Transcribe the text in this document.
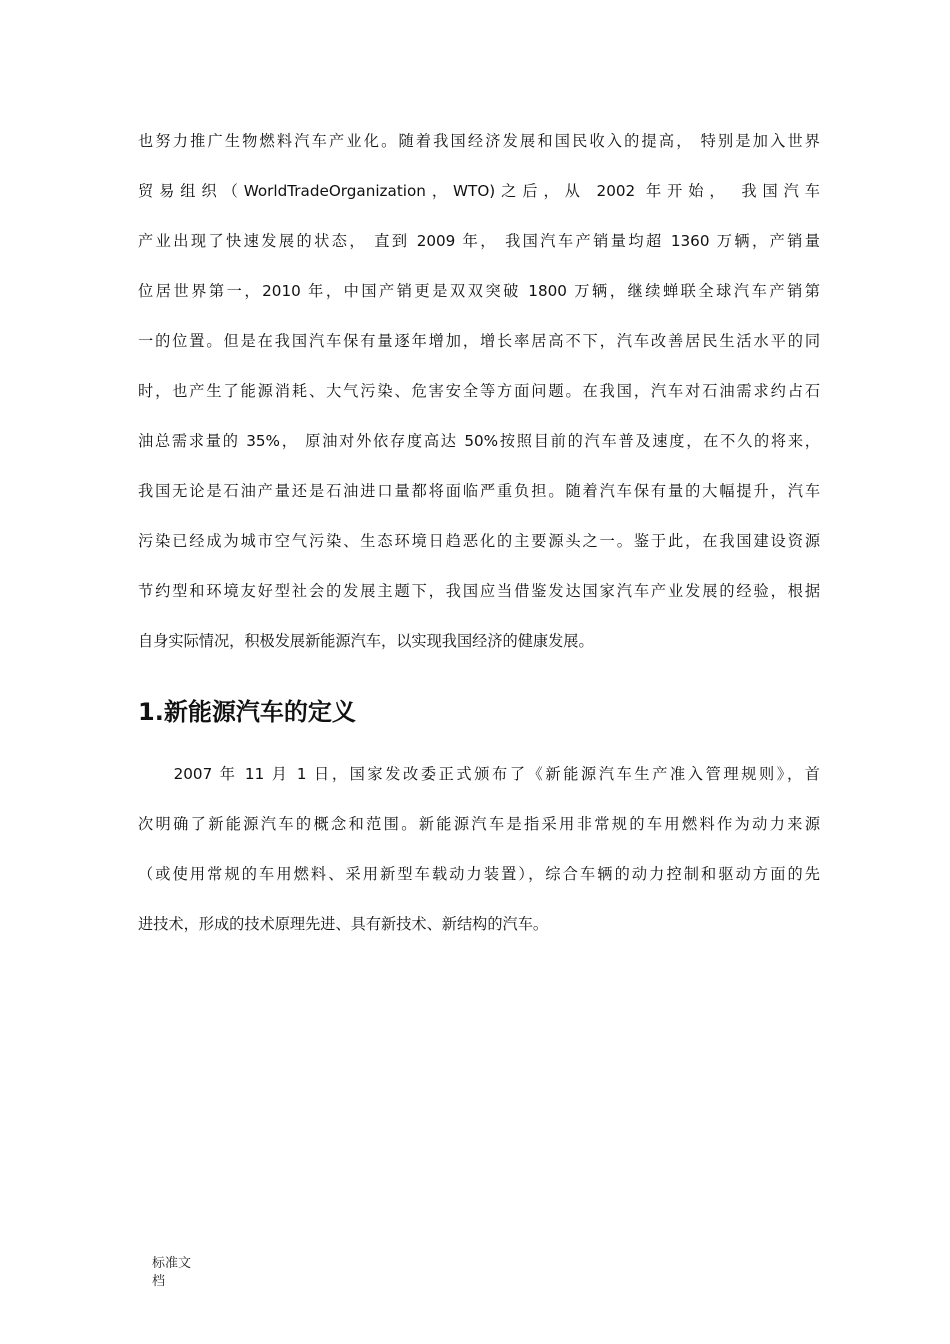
也努力推广生物燃料汽车产业化。随着我国经济发展和国民收入的提高， 特别是加入世界
贸易组织（WorldTradeOrganization，WTO)之后，从 2002 年开始， 我国汽车
产业出现了快速发展的状态， 直到 2009 年， 我国汽车产销量均超 1360 万辆，产销量
位居世界第一，2010 年，中国产销更是双双突破 1800 万辆，继续蝉联全球汽车产销第
一的位置。但是在我国汽车保有量逐年增加，增长率居高不下，汽车改善居民生活水平的同
时，也产生了能源消耗、大气污染、危害安全等方面问题。在我国，汽车对石油需求约占石
油总需求量的 35%， 原油对外依存度高达 50%按照目前的汽车普及速度，在不久的将来，
我国无论是石油产量还是石油进口量都将面临严重负担。随着汽车保有量的大幅提升，汽车
污染已经成为城市空气污染、生态环境日趋恶化的主要源头之一。鉴于此，在我国建设资源
节约型和环境友好型社会的发展主题下，我国应当借鉴发达国家汽车产业发展的经验，根据
自身实际情况，积极发展新能源汽车，以实现我国经济的健康发展。
1.新能源汽车的定义
　　2007 年 11 月 1 日，国家发改委正式颁布了《新能源汽车生产准入管理规则》，首
次明确了新能源汽车的概念和范围。新能源汽车是指采用非常规的车用燃料作为动力来源
（或使用常规的车用燃料、采用新型车载动力装置），综合车辆的动力控制和驱动方面的先
进技术，形成的技术原理先进、具有新技术、新结构的汽车。
标准文档
